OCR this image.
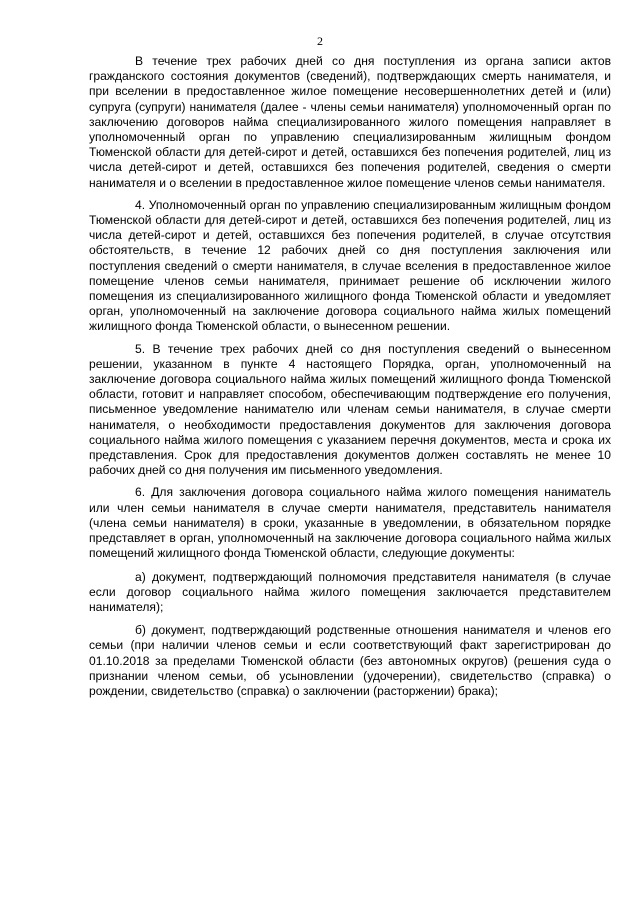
2

В течение трех рабочих дней со дня поступления из органа записи актов гражданского состояния документов (сведений), подтверждающих смерть нанимателя, и при вселении в предоставленное жилое помещение несовершеннолетних детей и (или) супруга (супруги) нанимателя (далее - члены семьи нанимателя) уполномоченный орган по заключению договоров найма специализированного жилого помещения направляет в уполномоченный орган по управлению специализированным жилищным фондом Тюменской области для детей-сирот и детей, оставшихся без попечения родителей, лиц из числа детей-сирот и детей, оставшихся без попечения родителей, сведения о смерти нанимателя и о вселении в предоставленное жилое помещение членов семьи нанимателя.

4. Уполномоченный орган по управлению специализированным жилищным фондом Тюменской области для детей-сирот и детей, оставшихся без попечения родителей, лиц из числа детей-сирот и детей, оставшихся без попечения родителей, в случае отсутствия обстоятельств, в течение 12 рабочих дней со дня поступления заключения или поступления сведений о смерти нанимателя, в случае вселения в предоставленное жилое помещение членов семьи нанимателя, принимает решение об исключении жилого помещения из специализированного жилищного фонда Тюменской области и уведомляет орган, уполномоченный на заключение договора социального найма жилых помещений жилищного фонда Тюменской области, о вынесенном решении.

5. В течение трех рабочих дней со дня поступления сведений о вынесенном решении, указанном в пункте 4 настоящего Порядка, орган, уполномоченный на заключение договора социального найма жилых помещений жилищного фонда Тюменской области, готовит и направляет способом, обеспечивающим подтверждение его получения, письменное уведомление нанимателю или членам семьи нанимателя, в случае смерти нанимателя, о необходимости предоставления документов для заключения договора социального найма жилого помещения с указанием перечня документов, места и срока их представления. Срок для предоставления документов должен составлять не менее 10 рабочих дней со дня получения им письменного уведомления.

6. Для заключения договора социального найма жилого помещения наниматель или член семьи нанимателя в случае смерти нанимателя, представитель нанимателя (члена семьи нанимателя) в сроки, указанные в уведомлении, в обязательном порядке представляет в орган, уполномоченный на заключение договора социального найма жилых помещений жилищного фонда Тюменской области, следующие документы:

а) документ, подтверждающий полномочия представителя нанимателя (в случае если договор социального найма жилого помещения заключается представителем нанимателя);

б) документ, подтверждающий родственные отношения нанимателя и членов его семьи (при наличии членов семьи и если соответствующий факт зарегистрирован до 01.10.2018 за пределами Тюменской области (без автономных округов) (решения суда о признании членом семьи, об усыновлении (удочерении), свидетельство (справка) о рождении, свидетельство (справка) о заключении (расторжении) брака);
